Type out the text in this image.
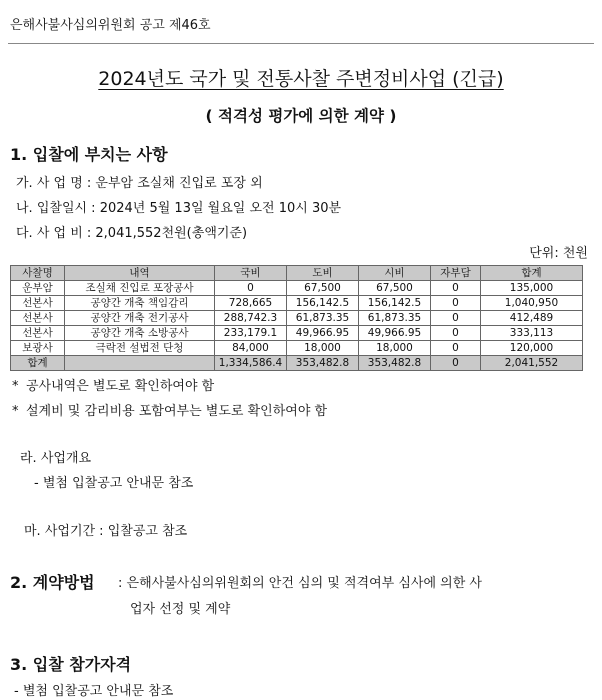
은해사불사심의위원회 공고 제46호
2024년도 국가 및 전통사찰 주변정비사업 (긴급)
( 적격성 평가에 의한 계약 )
1. 입찰에 부치는 사항
가. 사 업 명 : 운부암 조실채 진입로 포장 외
나. 입찰일시 : 2024년 5월 13일 월요일 오전 10시 30분
다. 사 업 비 : 2,041,552천원(총액기준)
단위: 천원
사찰명	내역	국비	도비	시비	자부담	합계
운부암	조실채 진입로 포장공사	0	67,500	67,500	0	135,000
선본사	공양간 개축 책임감리	728,665	156,142.5	156,142.5	0	1,040,950
선본사	공양간 개축 전기공사	288,742.3	61,873.35	61,873.35	0	412,489
선본사	공양간 개축 소방공사	233,179.1	49,966.95	49,966.95	0	333,113
보광사	극락전 설법전 단청	84,000	18,000	18,000	0	120,000
합계		1,334,586.4	353,482.8	353,482.8	0	2,041,552
* 공사내역은 별도로 확인하여야 함
* 설계비 및 감리비용 포함여부는 별도로 확인하여야 함
라. 사업개요
- 별첨 입찰공고 안내문 참조
마. 사업기간 : 입찰공고 참조
2. 계약방법 : 은해사불사심의위원회의 안건 심의 및 적격여부 심사에 의한 사
업자 선정 및 계약
3. 입찰 참가자격
- 별첨 입찰공고 안내문 참조
